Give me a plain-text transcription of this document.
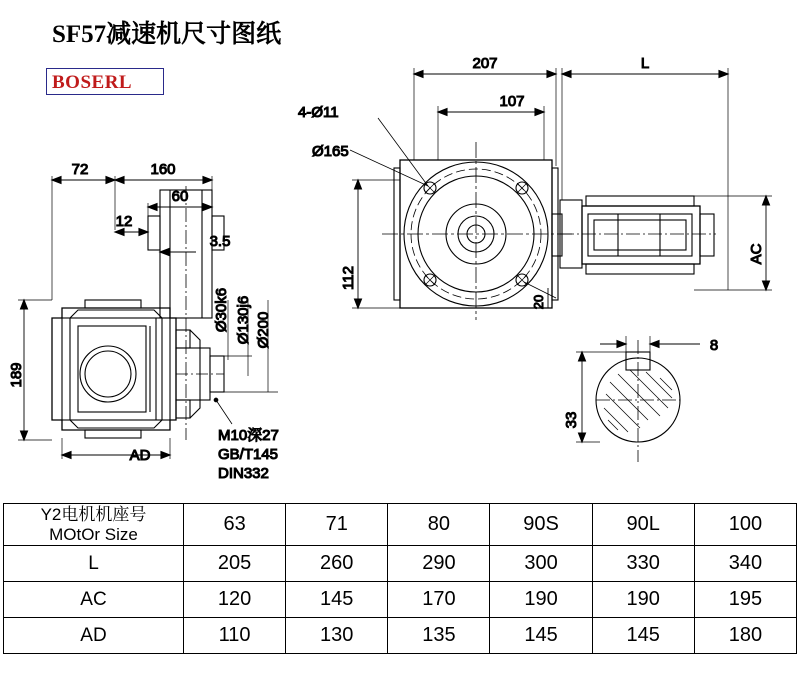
SF57减速机尺寸图纸
BOSERL
189
72	160
60
12
3.5
AD
Ø30k6 Ø130j6 Ø200
M10深27
GB/T145
DIN332
Ø165
4-Ø11
207	L
107
112
20
AC
8
33
Y2电机机座号
MOtOr Size	63	71	80	90S	90L	100
L	205	260	290	300	330	340
AC	120	145	170	190	190	195
AD	110	130	135	145	145	180
